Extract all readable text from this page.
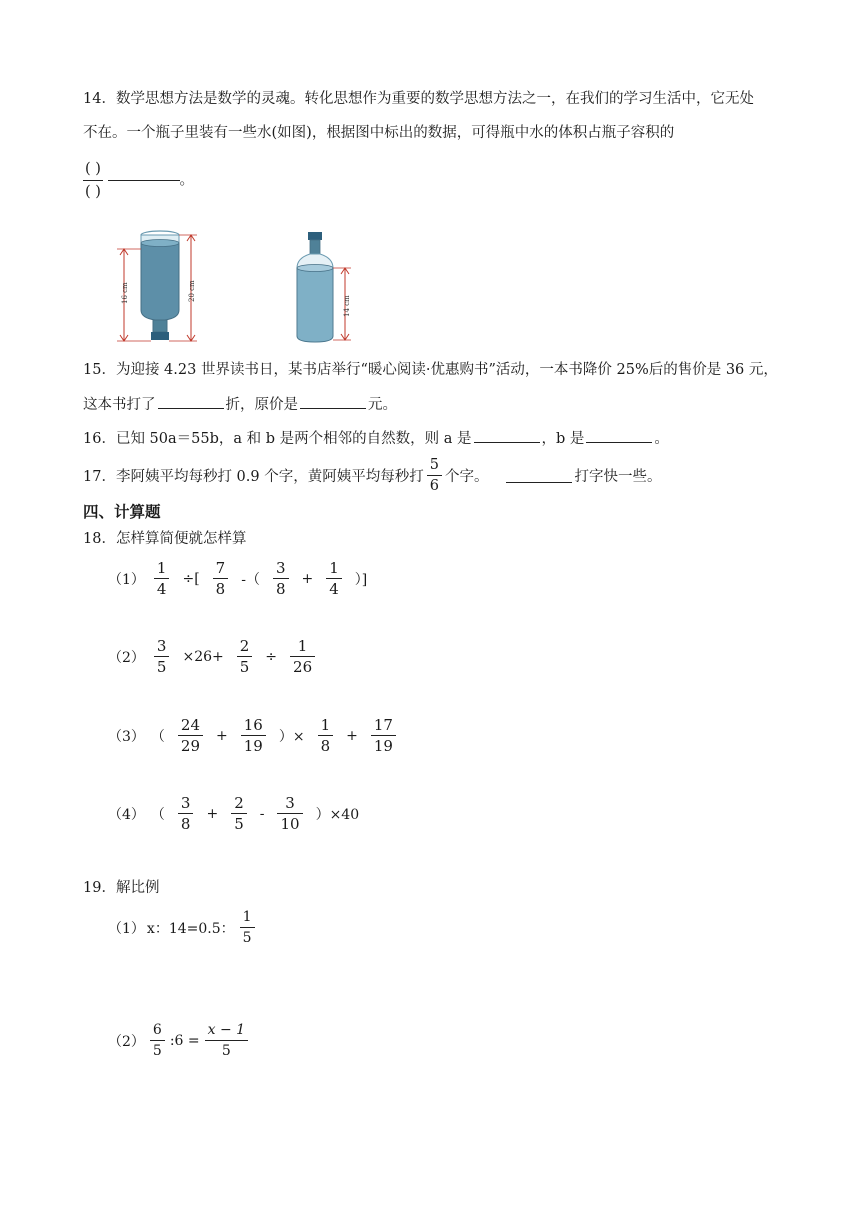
14．数学思想方法是数学的灵魂。转化思想作为重要的数学思想方法之一，在我们的学习生活中，它无处
不在。一个瓶子里装有一些水(如图)，根据图中标出的数据，可得瓶中水的体积占瓶子容积的
$\frac{( )}{( )}$	。
16 cm	20 cm
14 cm
15．为迎接 4.23 世界读书日，某书店举行“暖心阅读·优惠购书”活动，一本书降价 25%后的售价是 36 元，
这本书打了	折，原价是	元。
16．已知 50a＝55b，a 和 b 是两个相邻的自然数，则 a 是	，b 是	。
17．李阿姨平均每秒打 0.9 个字，黄阿姨平均每秒打 $\frac{5}{6}$ 个字。	打字快一些。
四、计算题
18．怎样算简便就怎样算
$(1) \frac{1}{4}$ ÷[ $\frac{7}{8}$ -（ $\frac{3}{8} + \frac{1}{4}$ ）]
$(2) \frac{3}{5} \times 26+ \frac{2}{5} \div \frac{1}{26}$
（3） （ $\frac{24}{29} + \frac{16}{19}$ ）× $\frac{1}{8} + \frac{17}{19}$
（4） （ $\frac{3}{8} + \frac{2}{5} - \frac{3}{10} )\times 40$
19．解比例
（1） x：14=0.5： $\frac{1}{5}$
$(2) \frac{6}{5}$ :6 = $\frac{x - 1}{5}$
